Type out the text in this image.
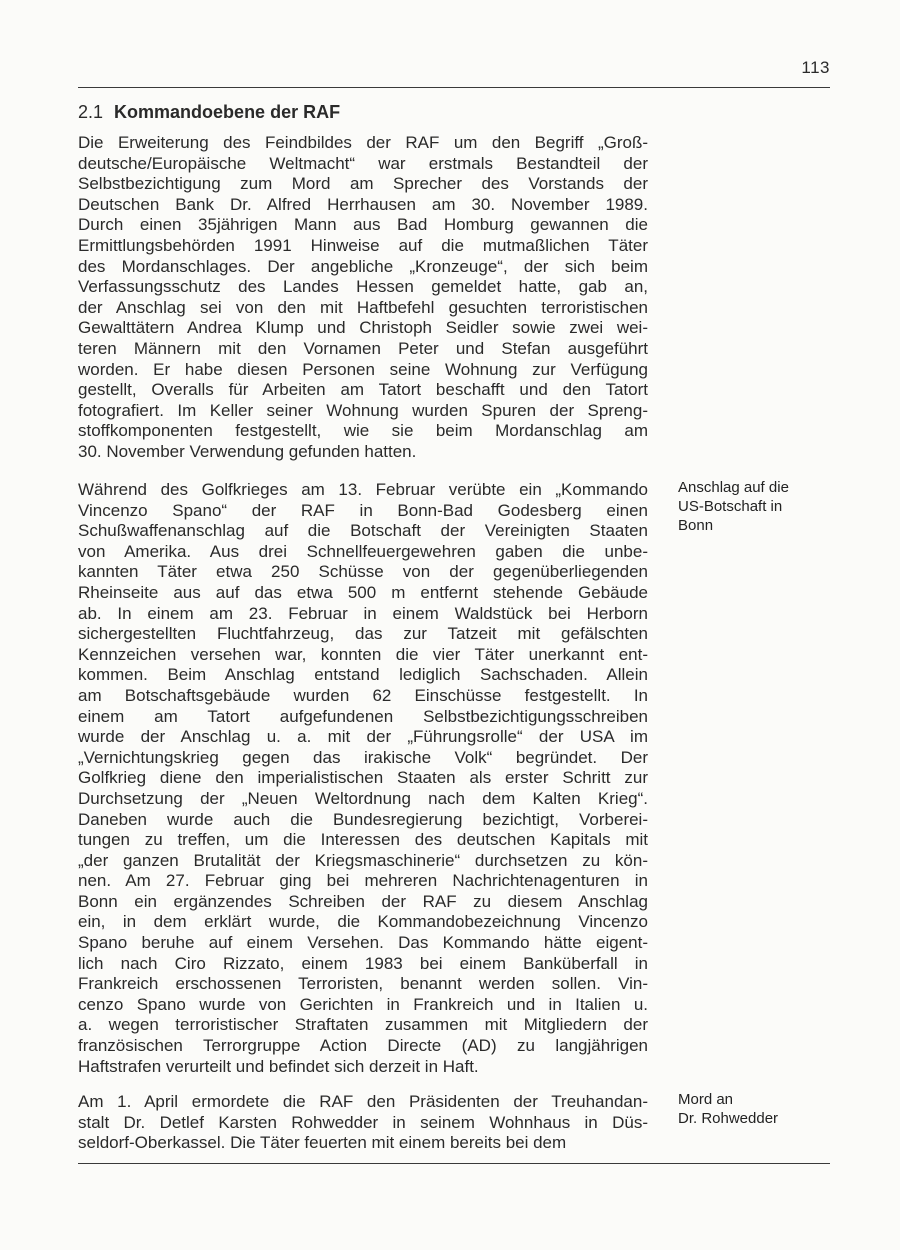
113
2.1 Kommandoebene der RAF
Die Erweiterung des Feindbildes der RAF um den Begriff „Groß-
deutsche/Europäische Weltmacht“ war erstmals Bestandteil der
Selbstbezichtigung zum Mord am Sprecher des Vorstands der
Deutschen Bank Dr. Alfred Herrhausen am 30. November 1989.
Durch einen 35jährigen Mann aus Bad Homburg gewannen die
Ermittlungsbehörden 1991 Hinweise auf die mutmaßlichen Täter
des Mordanschlages. Der angebliche „Kronzeuge“, der sich beim
Verfassungsschutz des Landes Hessen gemeldet hatte, gab an,
der Anschlag sei von den mit Haftbefehl gesuchten terroristischen
Gewalttätern Andrea Klump und Christoph Seidler sowie zwei wei-
teren Männern mit den Vornamen Peter und Stefan ausgeführt
worden. Er habe diesen Personen seine Wohnung zur Verfügung
gestellt, Overalls für Arbeiten am Tatort beschafft und den Tatort
fotografiert. Im Keller seiner Wohnung wurden Spuren der Spreng-
stoffkomponenten festgestellt, wie sie beim Mordanschlag am
30. November Verwendung gefunden hatten.
Während des Golfkrieges am 13. Februar verübte ein „Kommando
Vincenzo Spano“ der RAF in Bonn-Bad Godesberg einen
Schußwaffenanschlag auf die Botschaft der Vereinigten Staaten
von Amerika. Aus drei Schnellfeuergewehren gaben die unbe-
kannten Täter etwa 250 Schüsse von der gegenüberliegenden
Rheinseite aus auf das etwa 500 m entfernt stehende Gebäude
ab. In einem am 23. Februar in einem Waldstück bei Herborn
sichergestellten Fluchtfahrzeug, das zur Tatzeit mit gefälschten
Kennzeichen versehen war, konnten die vier Täter unerkannt ent-
kommen. Beim Anschlag entstand lediglich Sachschaden. Allein
am Botschaftsgebäude wurden 62 Einschüsse festgestellt. In
einem am Tatort aufgefundenen Selbstbezichtigungsschreiben
wurde der Anschlag u. a. mit der „Führungsrolle“ der USA im
„Vernichtungskrieg gegen das irakische Volk“ begründet. Der
Golfkrieg diene den imperialistischen Staaten als erster Schritt zur
Durchsetzung der „Neuen Weltordnung nach dem Kalten Krieg“.
Daneben wurde auch die Bundesregierung bezichtigt, Vorberei-
tungen zu treffen, um die Interessen des deutschen Kapitals mit
„der ganzen Brutalität der Kriegsmaschinerie“ durchsetzen zu kön-
nen. Am 27. Februar ging bei mehreren Nachrichtenagenturen in
Bonn ein ergänzendes Schreiben der RAF zu diesem Anschlag
ein, in dem erklärt wurde, die Kommandobezeichnung Vincenzo
Spano beruhe auf einem Versehen. Das Kommando hätte eigent-
lich nach Ciro Rizzato, einem 1983 bei einem Banküberfall in
Frankreich erschossenen Terroristen, benannt werden sollen. Vin-
cenzo Spano wurde von Gerichten in Frankreich und in Italien u.
a. wegen terroristischer Straftaten zusammen mit Mitgliedern der
französischen Terrorgruppe Action Directe (AD) zu langjährigen
Haftstrafen verurteilt und befindet sich derzeit in Haft.
Am 1. April ermordete die RAF den Präsidenten der Treuhandan-
stalt Dr. Detlef Karsten Rohwedder in seinem Wohnhaus in Düs-
seldorf-Oberkassel. Die Täter feuerten mit einem bereits bei dem
Anschlag auf die
US-Botschaft in
Bonn
Mord an
Dr. Rohwedder
